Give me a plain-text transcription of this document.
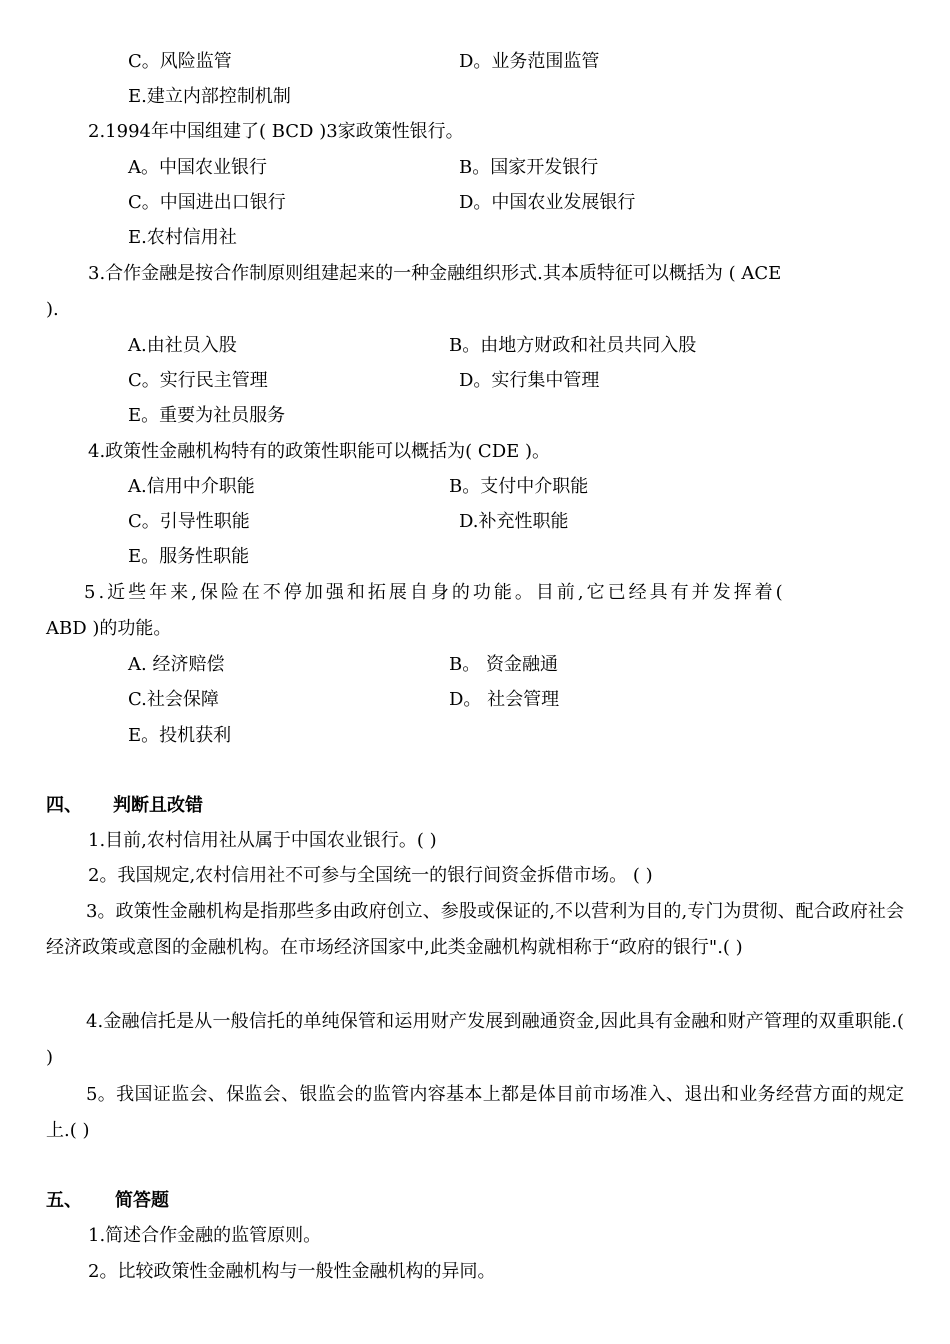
C。风险监管	D。业务范围监管
E.建立内部控制机制
2.1994年中国组建了( BCD )3家政策性银行。
A。中国农业银行	B。国家开发银行
C。中国进出口银行	D。中国农业发展银行
E.农村信用社
3.合作金融是按合作制原则组建起来的一种金融组织形式.其本质特征可以概括为 ( ACE
).
A.由社员入股	B。由地方财政和社员共同入股
C。实行民主管理	D。实行集中管理
E。重要为社员服务
4.政策性金融机构特有的政策性职能可以概括为( CDE )。
A.信用中介职能	B。支付中介职能
C。引导性职能	D.补充性职能
E。服务性职能
5.近些年来,保险在不停加强和拓展自身的功能。目前,它已经具有并发挥着(
ABD )的功能。
A. 经济赔偿	B。 资金融通
C.社会保障	D。 社会管理
E。投机获利
四、 判断且改错
1.目前,农村信用社从属于中国农业银行。( )
2。我国规定,农村信用社不可参与全国统一的银行间资金拆借市场。 ( )
3。政策性金融机构是指那些多由政府创立、参股或保证的,不以营利为目的,专门为贯彻、配合政府社会经济政策或意图的金融机构。在市场经济国家中,此类金融机构就相称于“政府的银行".( )
4.金融信托是从一般信托的单纯保管和运用财产发展到融通资金,因此具有金融和财产管理的双重职能.( )
5。我国证监会、保监会、银监会的监管内容基本上都是体目前市场准入、退出和业务经营方面的规定上.( )
五、 简答题
1.简述合作金融的监管原则。
2。比较政策性金融机构与一般性金融机构的异同。
